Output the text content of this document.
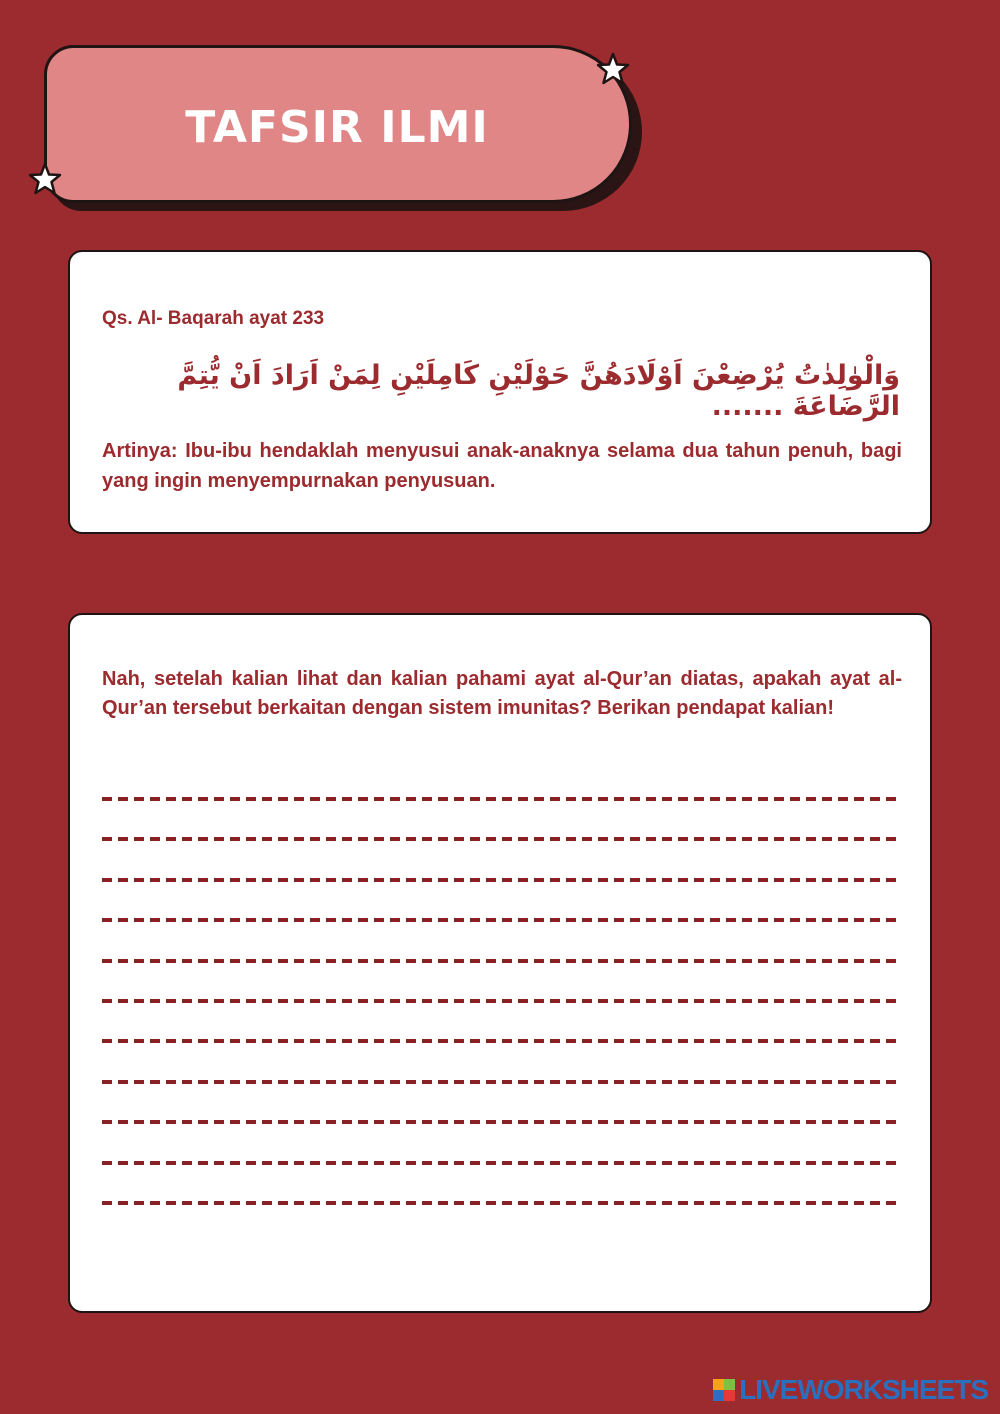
TAFSIR ILMI
Qs. Al- Baqarah ayat 233
وَالْوٰلِدٰتُ يُرْضِعْنَ اَوْلَادَهُنَّ حَوْلَيْنِ كَامِلَيْنِ لِمَنْ اَرَادَ اَنْ يُّتِمَّ الرَّضَاعَةَ .......
Artinya: Ibu-ibu hendaklah menyusui anak-anaknya selama dua tahun penuh, bagi yang ingin menyempurnakan penyusuan.
Nah, setelah kalian lihat dan kalian pahami ayat al-Qur’an diatas, apakah ayat al- Qur’an tersebut berkaitan dengan sistem imunitas? Berikan pendapat kalian!
LIVEWORKSHEETS
